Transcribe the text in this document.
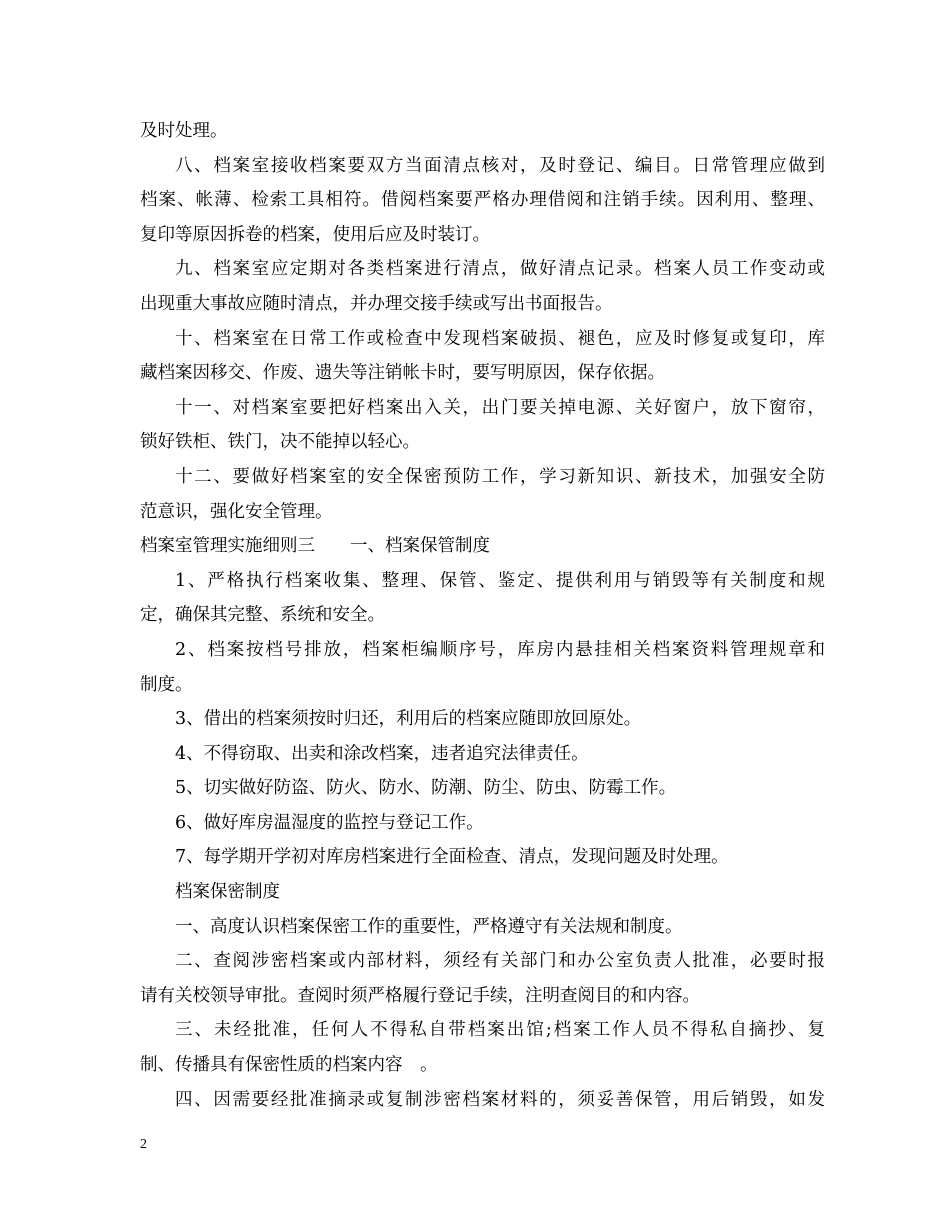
及时处理。
八、档案室接收档案要双方当面清点核对，及时登记、编目。日常管理应做到
档案、帐薄、检索工具相符。借阅档案要严格办理借阅和注销手续。因利用、整理、
复印等原因拆卷的档案，使用后应及时装订。
九、档案室应定期对各类档案进行清点，做好清点记录。档案人员工作变动或
出现重大事故应随时清点，并办理交接手续或写出书面报告。
十、档案室在日常工作或检查中发现档案破损、褪色，应及时修复或复印，库
藏档案因移交、作废、遗失等注销帐卡时，要写明原因，保存依据。
十一、对档案室要把好档案出入关，出门要关掉电源、关好窗户，放下窗帘，
锁好铁柜、铁门，决不能掉以轻心。
十二、要做好档案室的安全保密预防工作，学习新知识、新技术，加强安全防
范意识，强化安全管理。
档案室管理实施细则三　　一、档案保管制度
1、严格执行档案收集、整理、保管、鉴定、提供利用与销毁等有关制度和规
定，确保其完整、系统和安全。
2、档案按档号排放，档案柜编顺序号，库房内悬挂相关档案资料管理规章和
制度。
3、借出的档案须按时归还，利用后的档案应随即放回原处。
4、不得窃取、出卖和涂改档案，违者追究法律责任。
5、切实做好防盗、防火、防水、防潮、防尘、防虫、防霉工作。
6、做好库房温湿度的监控与登记工作。
7、每学期开学初对库房档案进行全面检查、清点，发现问题及时处理。
档案保密制度
一、高度认识档案保密工作的重要性，严格遵守有关法规和制度。
二、查阅涉密档案或内部材料，须经有关部门和办公室负责人批准，必要时报
请有关校领导审批。查阅时须严格履行登记手续，注明查阅目的和内容。
三、未经批准，任何人不得私自带档案出馆;档案工作人员不得私自摘抄、复
制、传播具有保密性质的档案内容　。
四、因需要经批准摘录或复制涉密档案材料的，须妥善保管，用后销毁，如发
2
